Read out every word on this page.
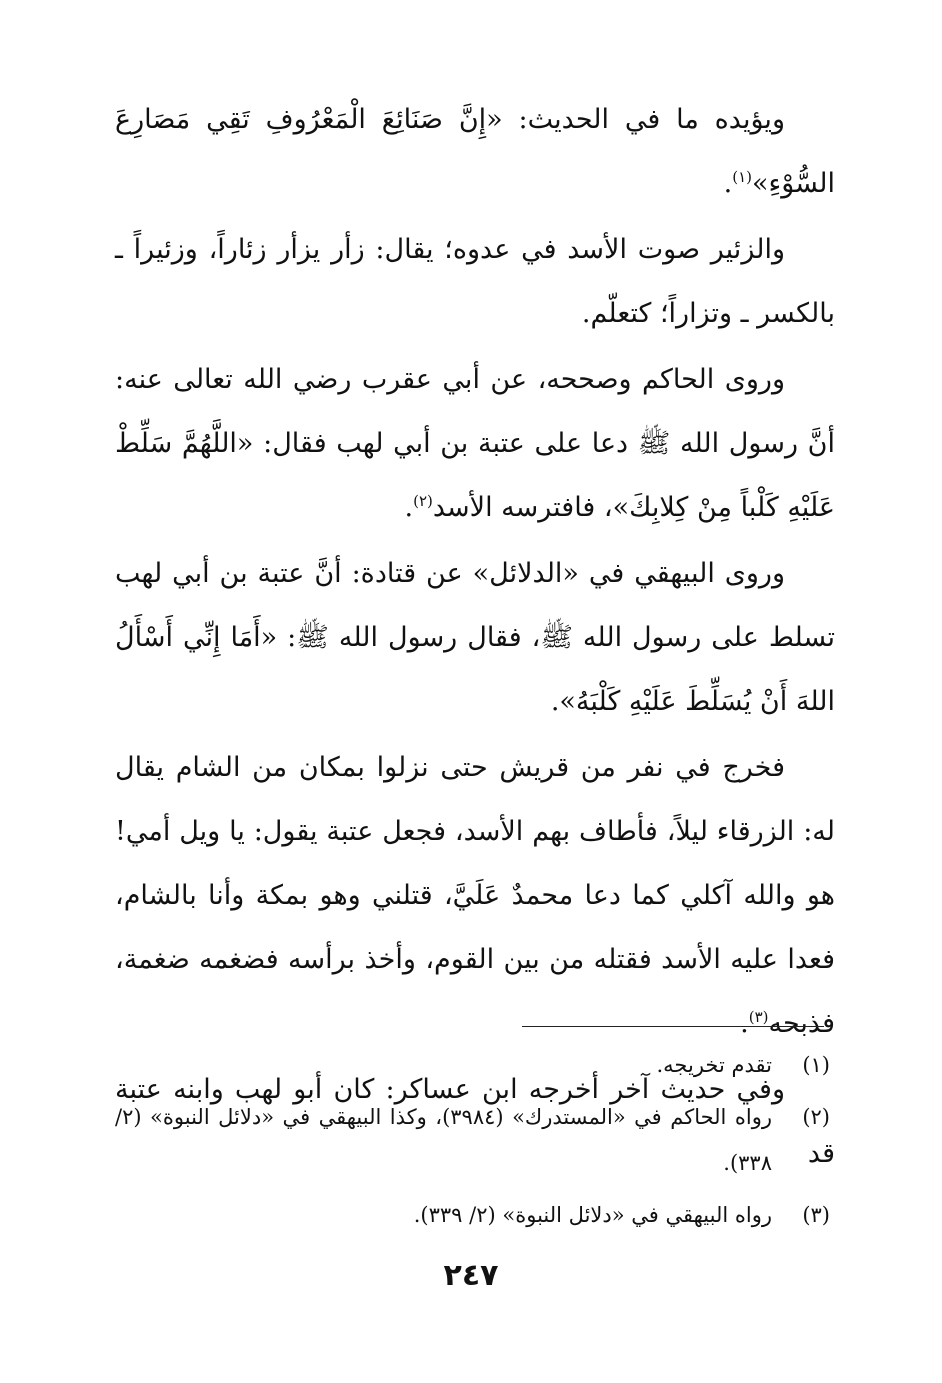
ويؤيده ما في الحديث: «إِنَّ صَنَائِعَ الْمَعْرُوفِ تَقِي مَصَارِعَ السُّوْءِ»$^{(١)}$.

والزئير صوت الأسد في عدوه؛ يقال: زأر يزأر زئاراً، وزئيراً ـ بالكسر ـ وتزاراً؛ كتعلّم.

وروى الحاكم وصححه، عن أبي عقرب رضي الله تعالى عنه: أنَّ رسول الله ﷺ دعا على عتبة بن أبي لهب فقال: «اللَّهُمَّ سَلِّطْ عَلَيْهِ كَلْباً مِنْ كِلابِكَ»، فافترسه الأسد$^{(٢)}$.

وروى البيهقي في «الدلائل» عن قتادة: أنَّ عتبة بن أبي لهب تسلط على رسول الله ﷺ، فقال رسول الله ﷺ: «أَمَا إِنِّي أَسْأَلُ اللهَ أَنْ يُسَلِّطَ عَلَيْهِ كَلْبَهُ».

فخرج في نفر من قريش حتى نزلوا بمكان من الشام يقال له: الزرقاء ليلاً، فأطاف بهم الأسد، فجعل عتبة يقول: يا ويل أمي! هو والله آكلي كما دعا محمدٌ عَلَيَّ، قتلني وهو بمكة وأنا بالشام، فعدا عليه الأسد فقتله من بين القوم، وأخذ برأسه فضغمه ضغمة، فذبحه$^{(٣)}$.

وفي حديث آخر أخرجه ابن عساكر: كان أبو لهب وابنه عتبة قد

(١)
تقدم تخريجه.
(٢)
رواه الحاكم في «المستدرك» (٣٩٨٤)، وكذا البيهقي في «دلائل النبوة» (٢/ ٣٣٨).
(٣)
رواه البيهقي في «دلائل النبوة» (٢/ ٣٣٩).
٢٤٧
